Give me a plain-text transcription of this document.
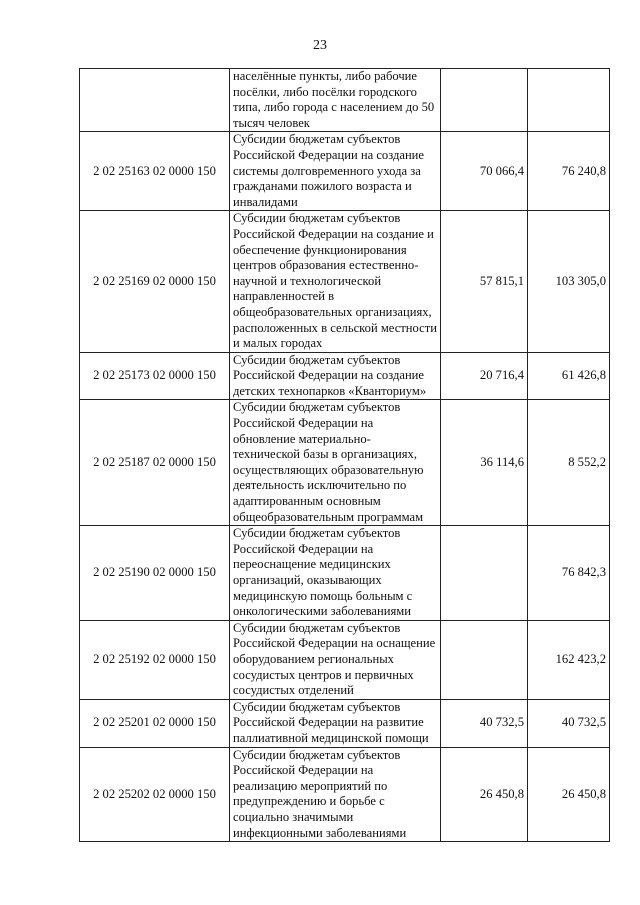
23
	населённые пункты, либо рабочие посёлки, либо посёлки городского типа, либо города с населением до 50 тысяч человек		
2 02 25163 02 0000 150	Субсидии бюджетам субъектов Российской Федерации на создание системы долговременного ухода за гражданами пожилого возраста и инвалидами	70 066,4	76 240,8
2 02 25169 02 0000 150	Субсидии бюджетам субъектов Российской Федерации на создание и обеспечение функционирования центров образования естественно-научной и технологической направленностей в общеобразовательных организациях, расположенных в сельской местности и малых городах	57 815,1	103 305,0
2 02 25173 02 0000 150	Субсидии бюджетам субъектов Российской Федерации на создание детских технопарков «Кванториум»	20 716,4	61 426,8
2 02 25187 02 0000 150	Субсидии бюджетам субъектов Российской Федерации на обновление материально-технической базы в организациях, осуществляющих образовательную деятельность исключительно по адаптированным основным общеобразовательным программам	36 114,6	8 552,2
2 02 25190 02 0000 150	Субсидии бюджетам субъектов Российской Федерации на переоснащение медицинских организаций, оказывающих медицинскую помощь больным с онкологическими заболеваниями		76 842,3
2 02 25192 02 0000 150	Субсидии бюджетам субъектов Российской Федерации на оснащение оборудованием региональных сосудистых центров и первичных сосудистых отделений		162 423,2
2 02 25201 02 0000 150	Субсидии бюджетам субъектов Российской Федерации на развитие паллиативной медицинской помощи	40 732,5	40 732,5
2 02 25202 02 0000 150	Субсидии бюджетам субъектов Российской Федерации на реализацию мероприятий по предупреждению и борьбе с социально значимыми инфекционными заболеваниями	26 450,8	26 450,8
